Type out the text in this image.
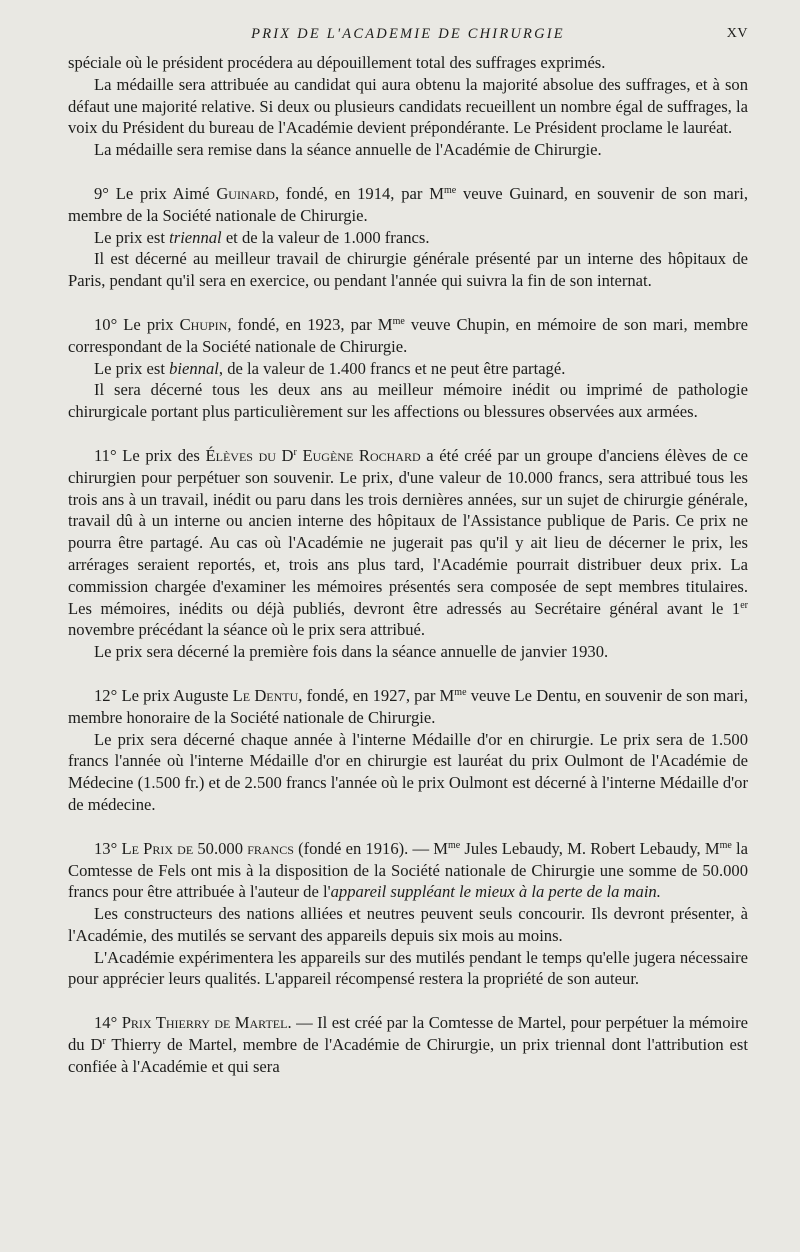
PRIX DE L'ACADEMIE DE CHIRURGIE	XV

spéciale où le président procédera au dépouillement total des suffrages exprimés.

La médaille sera attribuée au candidat qui aura obtenu la majorité absolue des suffrages, et à son défaut une majorité relative. Si deux ou plusieurs candidats recueillent un nombre égal de suffrages, la voix du Président du bureau de l'Académie devient prépondérante. Le Président proclame le lauréat.

La médaille sera remise dans la séance annuelle de l'Académie de Chirurgie.

9° Le prix Aimé Guinard, fondé, en 1914, par $M^{me}$ veuve Guinard, en souvenir de son mari, membre de la Société nationale de Chirurgie.

Le prix est triennal et de la valeur de 1.000 francs.

Il est décerné au meilleur travail de chirurgie générale présenté par un interne des hôpitaux de Paris, pendant qu'il sera en exercice, ou pendant l'année qui suivra la fin de son internat.

10° Le prix Chupin, fondé, en 1923, par $M^{me}$ veuve Chupin, en mémoire de son mari, membre correspondant de la Société nationale de Chirurgie.

Le prix est biennal, de la valeur de 1.400 francs et ne peut être partagé.

Il sera décerné tous les deux ans au meilleur mémoire inédit ou imprimé de pathologie chirurgicale portant plus particulièrement sur les affections ou blessures observées aux armées.

11° Le prix des Élèves du $D^r$ Eugène Rochard a été créé par un groupe d'anciens élèves de ce chirurgien pour perpétuer son souvenir. Le prix, d'une valeur de 10.000 francs, sera attribué tous les trois ans à un travail, inédit ou paru dans les trois dernières années, sur un sujet de chirurgie générale, travail dû à un interne ou ancien interne des hôpitaux de l'Assistance publique de Paris. Ce prix ne pourra être partagé. Au cas où l'Académie ne jugerait pas qu'il y ait lieu de décerner le prix, les arrérages seraient reportés, et, trois ans plus tard, l'Académie pourrait distribuer deux prix. La commission chargée d'examiner les mémoires présentés sera composée de sept membres titulaires. Les mémoires, inédits ou déjà publiés, devront être adressés au Secrétaire général avant le 1er novembre précédant la séance où le prix sera attribué.

Le prix sera décerné la première fois dans la séance annuelle de janvier 1930.

12° Le prix Auguste Le Dentu, fondé, en 1927, par $M^{me}$ veuve Le Dentu, en souvenir de son mari, membre honoraire de la Société nationale de Chirurgie.

Le prix sera décerné chaque année à l'interne Médaille d'or en chirurgie. Le prix sera de 1.500 francs l'année où l'interne Médaille d'or en chirurgie est lauréat du prix Oulmont de l'Académie de Médecine (1.500 fr.) et de 2.500 francs l'année où le prix Oulmont est décerné à l'interne Médaille d'or de médecine.

13° Le Prix de 50.000 francs (fondé en 1916). — $M^{me}$ Jules Lebaudy, M. Robert Lebaudy, $M^{me}$ la Comtesse de Fels ont mis à la disposition de la Société nationale de Chirurgie une somme de 50.000 francs pour être attribuée à l'auteur de l'appareil suppléant le mieux à la perte de la main.

Les constructeurs des nations alliées et neutres peuvent seuls concourir. Ils devront présenter, à l'Académie, des mutilés se servant des appareils depuis six mois au moins.

L'Académie expérimentera les appareils sur des mutilés pendant le temps qu'elle jugera nécessaire pour apprécier leurs qualités. L'appareil récompensé restera la propriété de son auteur.

14° Prix Thierry de Martel. — Il est créé par la Comtesse de Martel, pour perpétuer la mémoire du $D^r$ Thierry de Martel, membre de l'Académie de Chirurgie, un prix triennal dont l'attribution est confiée à l'Académie et qui sera
